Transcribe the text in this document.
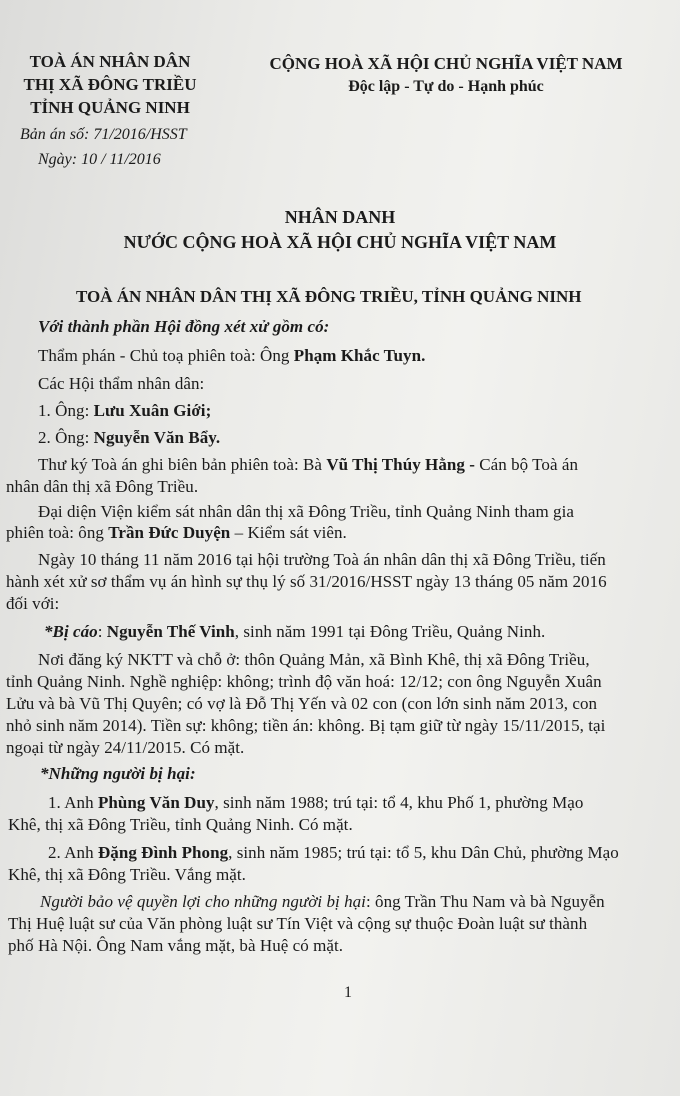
TOÀ ÁN NHÂN DÂN
THỊ XÃ ĐÔNG TRIỀU
TỈNH QUẢNG NINH
Bản án số: 71/2016/HSST
Ngày: 10 / 11/2016
CỘNG HOÀ XÃ HỘI CHỦ NGHĨA VIỆT NAM
Độc lập - Tự do - Hạnh phúc
NHÂN DANH
NƯỚC CỘNG HOÀ XÃ HỘI CHỦ NGHĨA VIỆT NAM
TOÀ ÁN NHÂN DÂN THỊ XÃ ĐÔNG TRIỀU, TỈNH QUẢNG NINH
Với thành phần Hội đồng xét xử gồm có:
Thẩm phán - Chủ toạ phiên toà: Ông Phạm Khắc Tuyn.
Các Hội thẩm nhân dân:
1. Ông: Lưu Xuân Giới;
2. Ông: Nguyễn Văn Bẩy.
Thư ký Toà án ghi biên bản phiên toà: Bà Vũ Thị Thúy Hằng - Cán bộ Toà án
nhân dân thị xã Đông Triều.
Đại diện Viện kiểm sát nhân dân thị xã Đông Triều, tỉnh Quảng Ninh tham gia
phiên toà: ông Trần Đức Duyện – Kiểm sát viên.
Ngày 10 tháng 11 năm 2016 tại hội trường Toà án nhân dân thị xã Đông Triều, tiến
hành xét xử sơ thẩm vụ án hình sự thụ lý số 31/2016/HSST ngày 13 tháng 05 năm 2016
đối với:
*Bị cáo: Nguyễn Thế Vinh, sinh năm 1991 tại Đông Triều, Quảng Ninh.
Nơi đăng ký NKTT và chỗ ở: thôn Quảng Mản, xã Bình Khê, thị xã Đông Triều,
tỉnh Quảng Ninh. Nghề nghiệp: không; trình độ văn hoá: 12/12; con ông Nguyễn Xuân
Lửu và bà Vũ Thị Quyên; có vợ là Đỗ Thị Yến và 02 con (con lớn sinh năm 2013, con
nhỏ sinh năm 2014). Tiền sự: không; tiền án: không. Bị tạm giữ từ ngày 15/11/2015, tại
ngoại từ ngày 24/11/2015. Có mặt.
*Những người bị hại:
1. Anh Phùng Văn Duy, sinh năm 1988; trú tại: tổ 4, khu Phố 1, phường Mạo
Khê, thị xã Đông Triều, tỉnh Quảng Ninh. Có mặt.
2. Anh Đặng Đình Phong, sinh năm 1985; trú tại: tổ 5, khu Dân Chủ, phường Mạo
Khê, thị xã Đông Triều. Vắng mặt.
Người bảo vệ quyền lợi cho những người bị hại: ông Trần Thu Nam và bà Nguyễn
Thị Huệ luật sư của Văn phòng luật sư Tín Việt và cộng sự thuộc Đoàn luật sư thành
phố Hà Nội. Ông Nam vắng mặt, bà Huệ có mặt.
1
